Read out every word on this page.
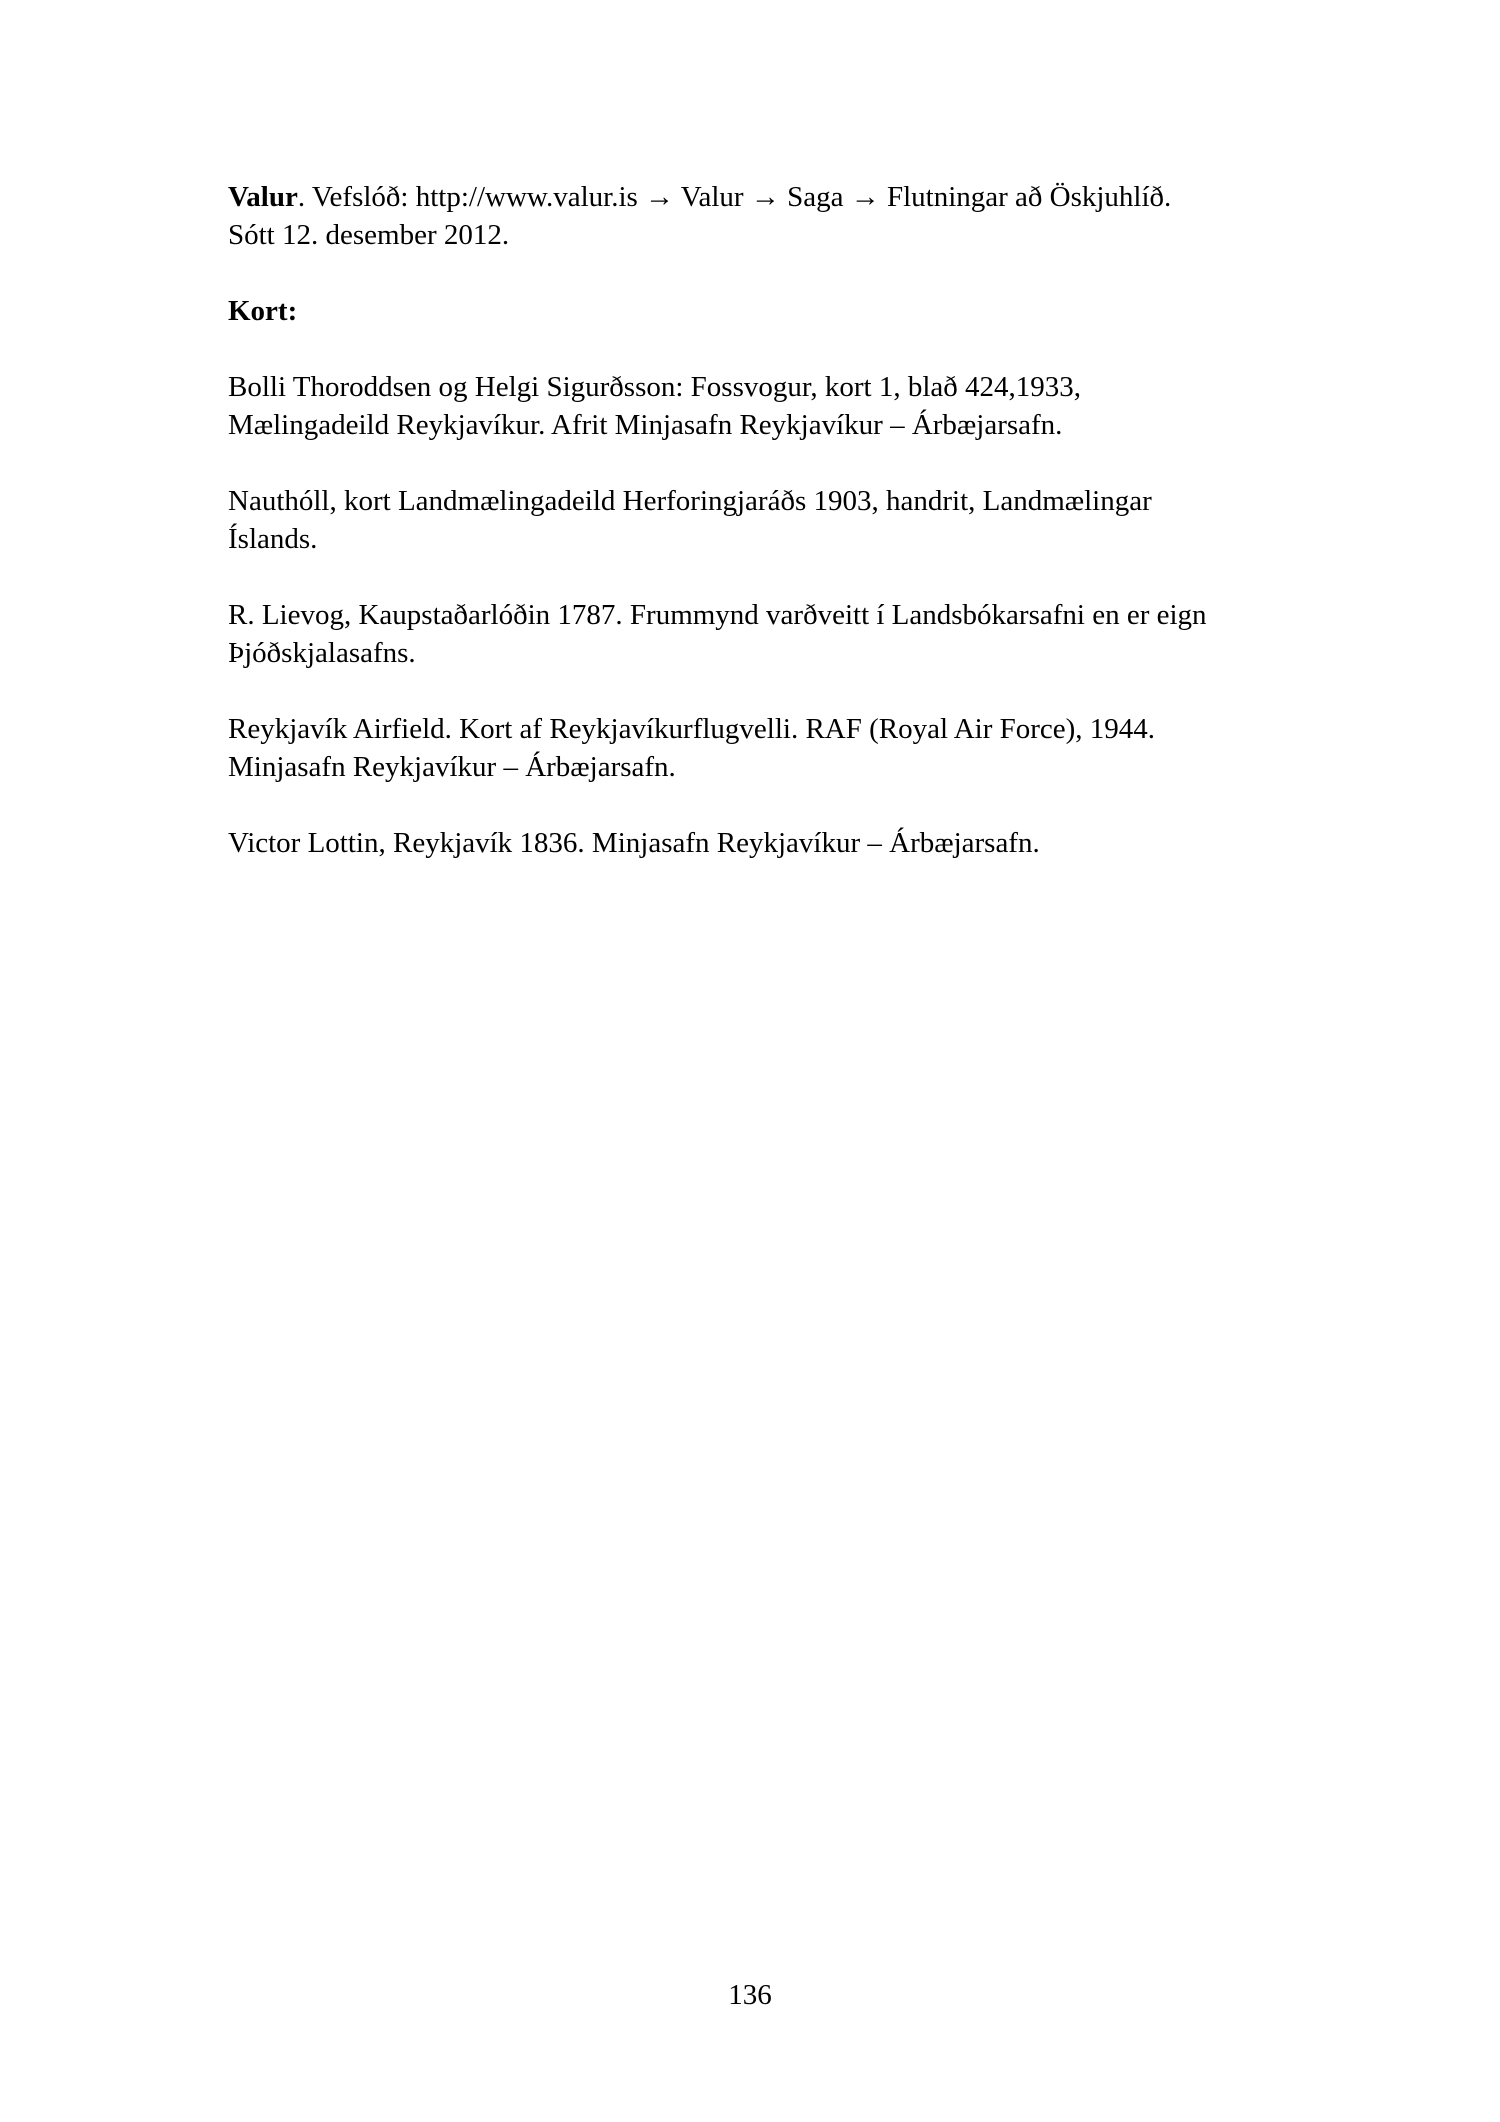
Valur. Vefslóð: http://www.valur.is → Valur → Saga → Flutningar að Öskjuhlíð.
Sótt 12. desember 2012.

Kort:

Bolli Thoroddsen og Helgi Sigurðsson: Fossvogur, kort 1, blað 424,1933,
Mælingadeild Reykjavíkur. Afrit Minjasafn Reykjavíkur – Árbæjarsafn.

Nauthóll, kort Landmælingadeild Herforingjaráðs 1903, handrit, Landmælingar
Íslands.

R. Lievog, Kaupstaðarlóðin 1787. Frummynd varðveitt í Landsbókarsafni en er eign
Þjóðskjalasafns.

Reykjavík Airfield. Kort af Reykjavíkurflugvelli. RAF (Royal Air Force), 1944.
Minjasafn Reykjavíkur – Árbæjarsafn.

Victor Lottin, Reykjavík 1836. Minjasafn Reykjavíkur – Árbæjarsafn.

136
